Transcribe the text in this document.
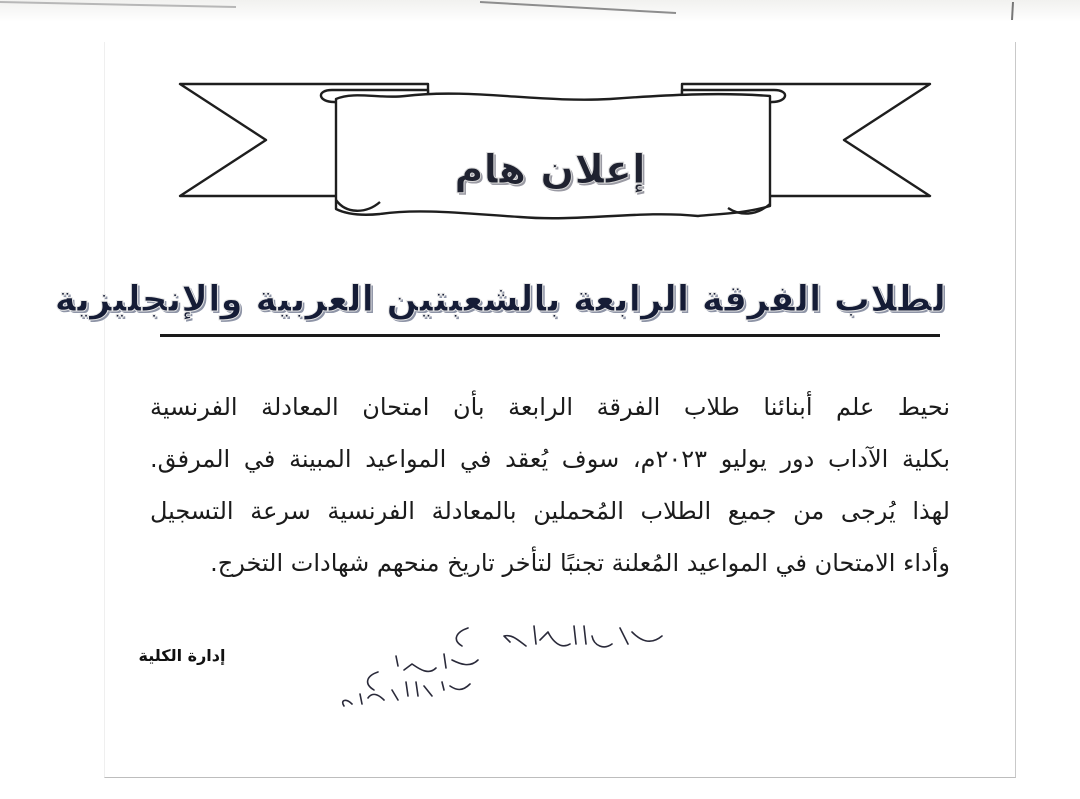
إعلان هام
لطلاب الفرقة الرابعة بالشعبتين العربية والإنجليزية
نحيط علم أبنائنا طلاب الفرقة الرابعة بأن امتحان المعادلة الفرنسية
بكلية الآداب دور يوليو ٢٠٢٣م، سوف يُعقد في المواعيد المبينة في المرفق.
لهذا يُرجى من جميع الطلاب المُحملين بالمعادلة الفرنسية سرعة التسجيل
وأداء الامتحان في المواعيد المُعلنة تجنبًا لتأخر تاريخ منحهم شهادات التخرج.
إدارة الكلية
يُعلن للطلاب
محمد حسني
١٦/٦/٢٠٢٣
